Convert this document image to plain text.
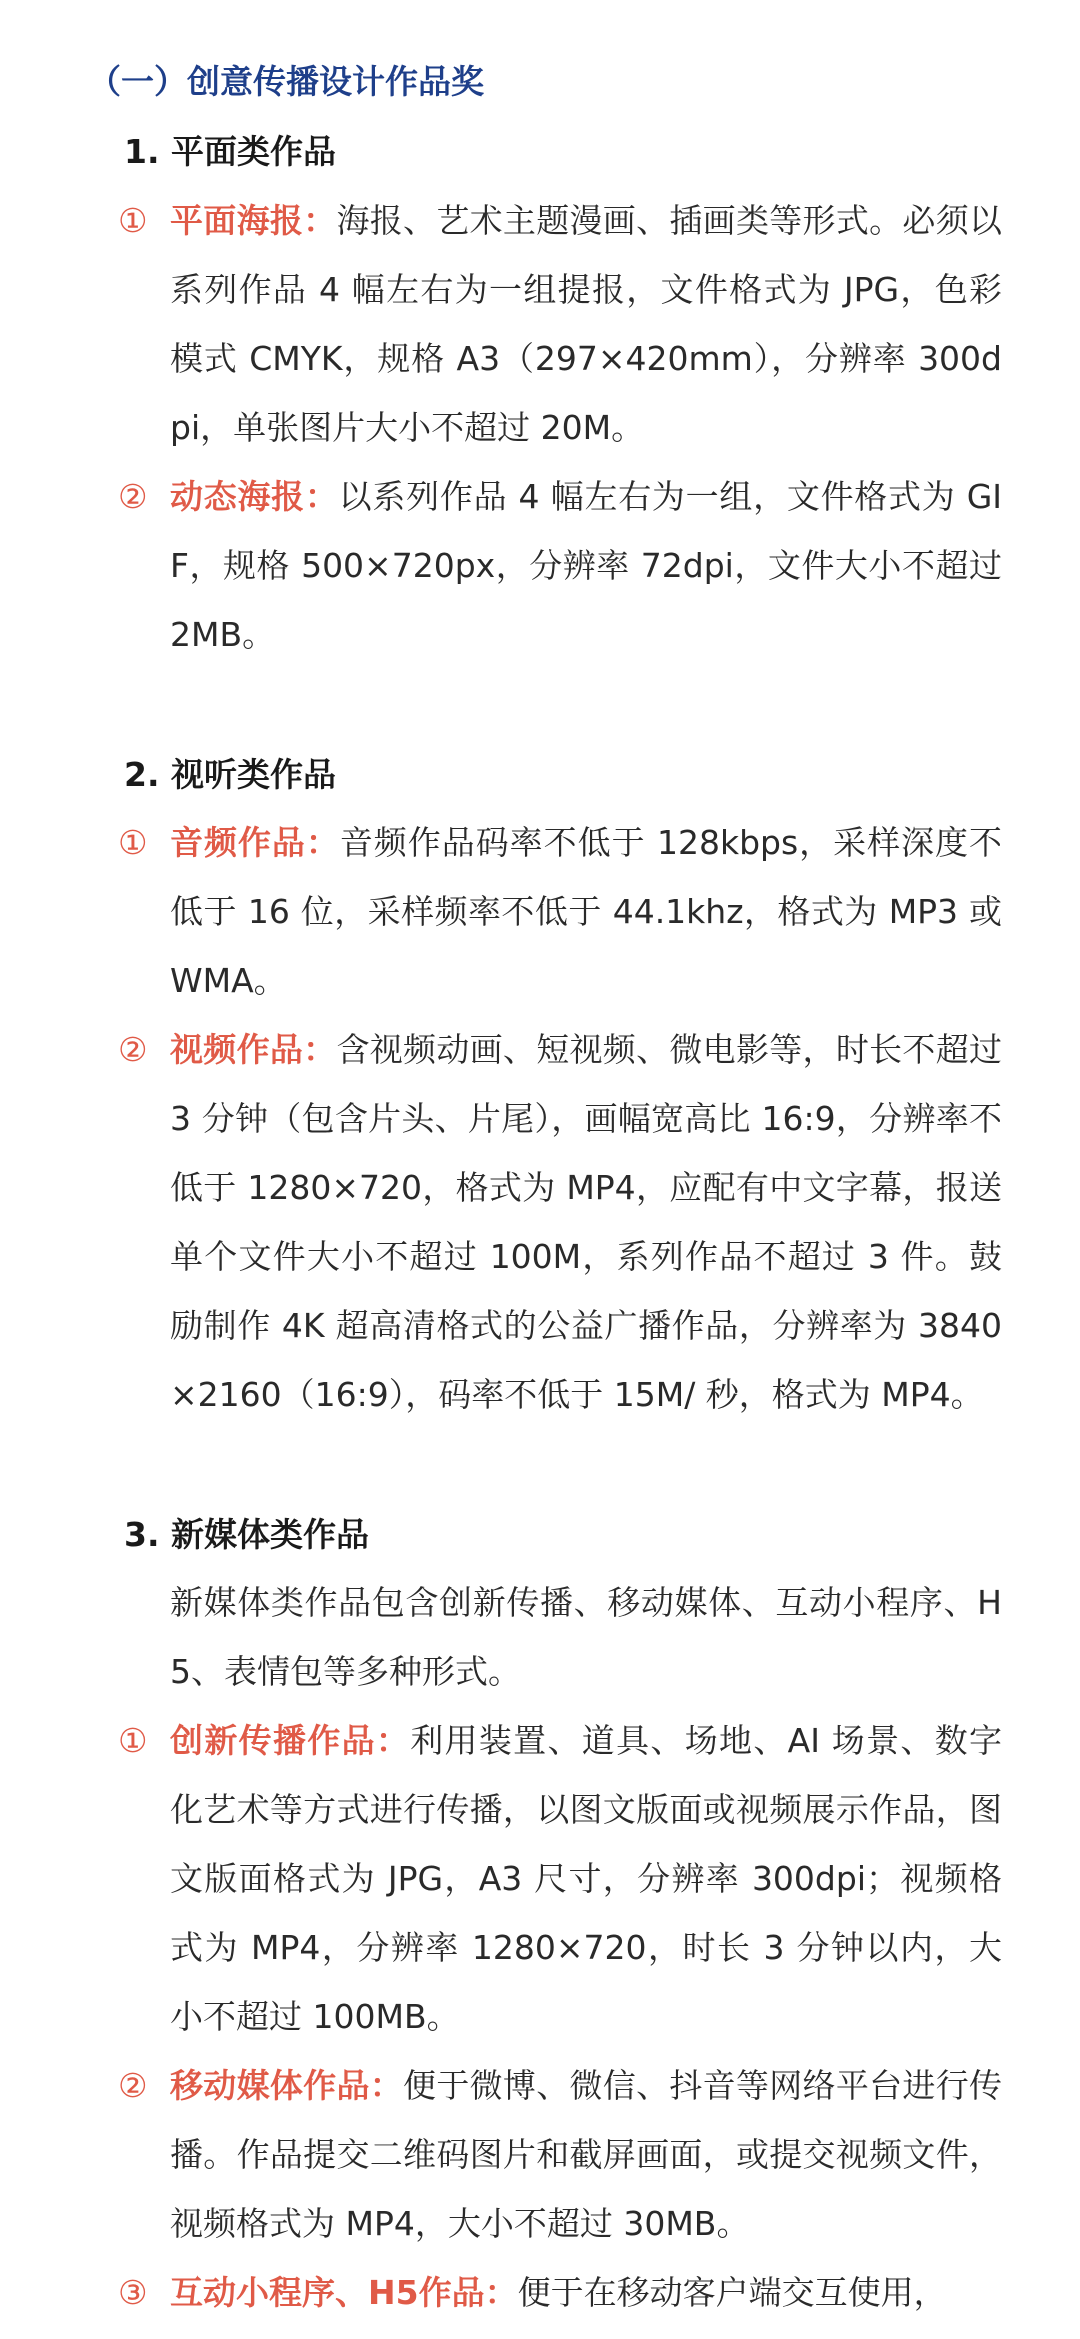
（一）创意传播设计作品奖
1. 平面类作品
① 平面海报：海报、艺术主题漫画、插画类等形式。必须以系列作品 4 幅左右为一组提报，文件格式为 JPG，色彩模式 CMYK，规格 A3（297×420mm），分辨率 300dpi，单张图片大小不超过 20M。
② 动态海报：以系列作品 4 幅左右为一组，文件格式为 GIF，规格 500×720px，分辨率 72dpi，文件大小不超过 2MB。
2. 视听类作品
① 音频作品：音频作品码率不低于 128kbps，采样深度不低于 16 位，采样频率不低于 44.1khz，格式为 MP3 或 WMA。
② 视频作品：含视频动画、短视频、微电影等，时长不超过 3 分钟（包含片头、片尾），画幅宽高比 16:9，分辨率不低于 1280×720，格式为 MP4，应配有中文字幕，报送单个文件大小不超过 100M，系列作品不超过 3 件。鼓励制作 4K 超高清格式的公益广播作品，分辨率为 3840×2160（16:9），码率不低于 15M/ 秒，格式为 MP4。
3. 新媒体类作品
新媒体类作品包含创新传播、移动媒体、互动小程序、H5、表情包等多种形式。
① 创新传播作品：利用装置、道具、场地、AI 场景、数字化艺术等方式进行传播，以图文版面或视频展示作品，图文版面格式为 JPG，A3 尺寸，分辨率 300dpi；视频格式为 MP4，分辨率 1280×720，时长 3 分钟以内，大小不超过 100MB。
② 移动媒体作品：便于微博、微信、抖音等网络平台进行传播。作品提交二维码图片和截屏画面，或提交视频文件，视频格式为 MP4，大小不超过 30MB。
③ 互动小程序、H5作品：便于在移动客户端交互使用，
